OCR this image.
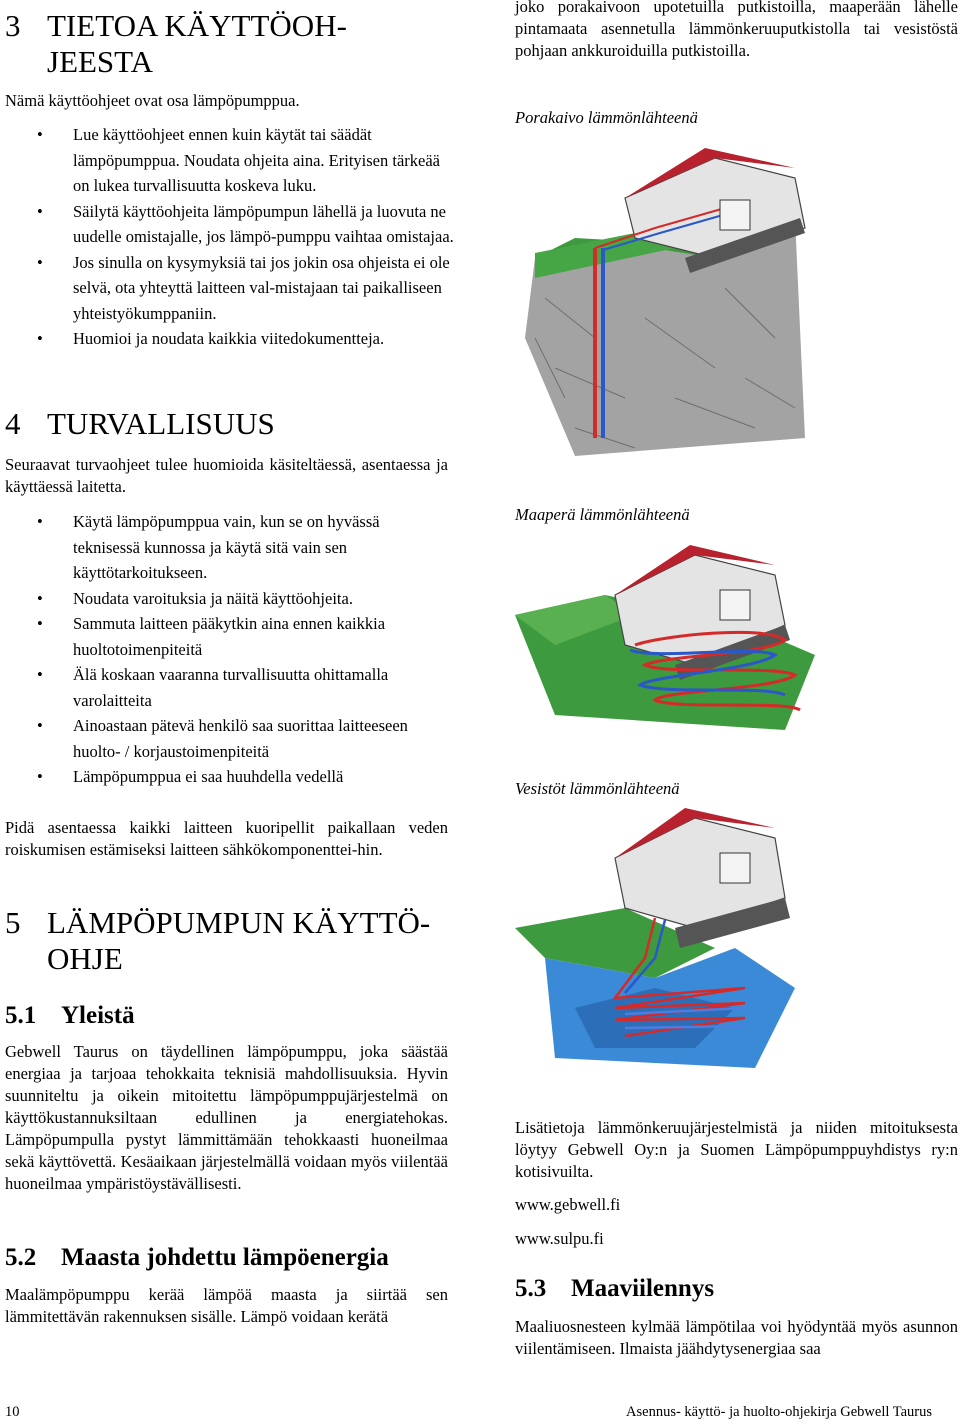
3 TIETOA KÄYTTÖOH-
JEESTA
Nämä käyttöohjeet ovat osa lämpöpumppua.
• Lue käyttöohjeet ennen kuin käytät tai säädät lämpöpumppua. Noudata ohjeita aina. Erityisen tärkeää on lukea turvallisuutta koskeva luku.
• Säilytä käyttöohjeita lämpöpumpun lähellä ja luovuta ne uudelle omistajalle, jos lämpö-pumppu vaihtaa omistajaa.
• Jos sinulla on kysymyksiä tai jos jokin osa ohjeista ei ole selvä, ota yhteyttä laitteen val-mistajaan tai paikalliseen yhteistyökumppaniin.
• Huomioi ja noudata kaikkia viitedokumentteja.
4 TURVALLISUUS
Seuraavat turvaohjeet tulee huomioida käsiteltäessä, asentaessa ja käyttäessä laitetta.
• Käytä lämpöpumppua vain, kun se on hyvässä teknisessä kunnossa ja käytä sitä vain sen käyttötarkoitukseen.
• Noudata varoituksia ja näitä käyttöohjeita.
• Sammuta laitteen pääkytkin aina ennen kaikkia huoltotoimenpiteitä
• Älä koskaan vaaranna turvallisuutta ohittamalla varolaitteita
• Ainoastaan pätevä henkilö saa suorittaa laitteeseen huolto- / korjaustoimenpiteitä
• Lämpöpumppua ei saa huuhdella vedellä
Pidä asentaessa kaikki laitteen kuoripellit paikallaan veden roiskumisen estämiseksi laitteen sähkökomponenttei-hin.
5 LÄMPÖPUMPUN KÄYTTÖ-
OHJE
5.1 Yleistä
Gebwell Taurus on täydellinen lämpöpumppu, joka säästää energiaa ja tarjoaa tehokkaita teknisiä mahdollisuuksia. Hyvin suunniteltu ja oikein mitoitettu lämpöpumppujärjestelmä on käyttökustannuksiltaan edullinen ja energiatehokas. Lämpöpumpulla pystyt lämmittämään tehokkaasti huoneilmaa sekä käyttövettä. Kesäaikaan järjestelmällä voidaan myös viilentää huoneilmaa ympäristöystävällisesti.
5.2 Maasta johdettu lämpöenergia
Maalämpöpumppu kerää lämpöä maasta ja siirtää sen lämmitettävän rakennuksen sisälle. Lämpö voidaan kerätä
joko porakaivoon upotetuilla putkistoilla, maaperään lähelle pintamaata asennetulla lämmönkeruuputkistolla tai vesistöstä pohjaan ankkuroiduilla putkistoilla.
Porakaivo lämmönlähteenä
Maaperä lämmönlähteenä
Vesistöt lämmönlähteenä
Lisätietoja lämmönkeruujärjestelmistä ja niiden mitoituksesta löytyy Gebwell Oy:n ja Suomen Lämpöpumppuyhdistys ry:n kotisivuilta.
www.gebwell.fi
www.sulpu.fi
5.3 Maaviilennys
Maaliuosnesteen kylmää lämpötilaa voi hyödyntää myös asunnon viilentämiseen. Ilmaista jäähdytysenergiaa saa
10	Asennus- käyttö- ja huolto-ohjekirja Gebwell Taurus
